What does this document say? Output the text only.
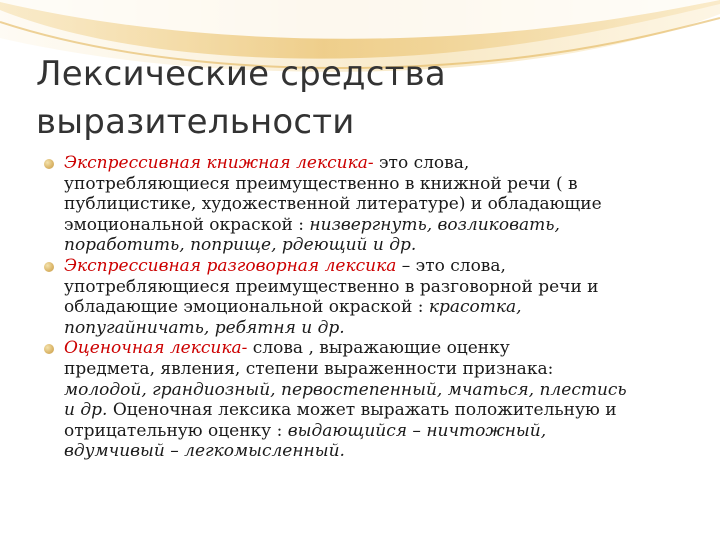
Лексические средства
выразительности
Экспрессивная книжная лексика- это слова,
употребляющиеся преимущественно в книжной речи ( в
публицистике, художественной литературе) и обладающие
эмоциональной окраской : низвергнуть, возликовать,
поработить, поприще, рдеющий и др.
Экспрессивная разговорная лексика – это слова,
употребляющиеся преимущественно в разговорной речи и
обладающие эмоциональной окраской : красотка,
попугайничать, ребятня и др.
Оценочная лексика- слова , выражающие оценку
предмета, явления, степени выраженности признака:
молодой, грандиозный, первостепенный, мчаться, плестись
и др. Оценочная лексика может выражать положительную и
отрицательную оценку : выдающийся – ничтожный,
вдумчивый – легкомысленный.
